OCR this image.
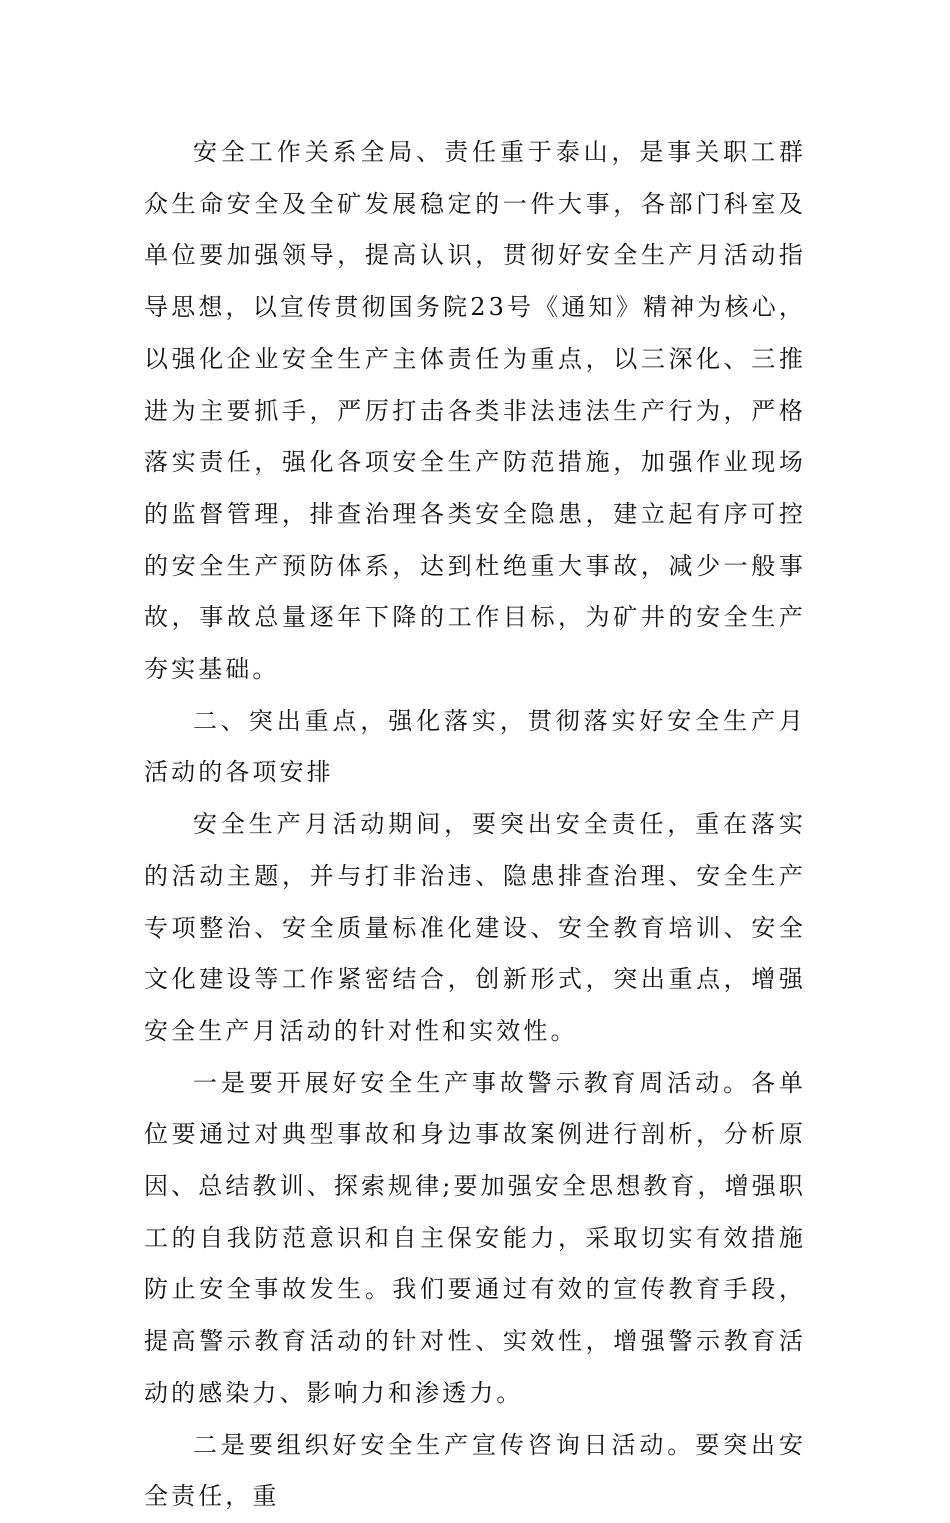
安全工作关系全局、责任重于泰山，是事关职工群众生命安全及全矿发展稳定的一件大事，各部门科室及单位要加强领导，提高认识，贯彻好安全生产月活动指导思想，以宣传贯彻国务院23号《通知》精神为核心，以强化企业安全生产主体责任为重点，以三深化、三推进为主要抓手，严厉打击各类非法违法生产行为，严格落实责任，强化各项安全生产防范措施，加强作业现场的监督管理，排查治理各类安全隐患，建立起有序可控的安全生产预防体系，达到杜绝重大事故，减少一般事故，事故总量逐年下降的工作目标，为矿井的安全生产夯实基础。

二、突出重点，强化落实，贯彻落实好安全生产月活动的各项安排

安全生产月活动期间，要突出安全责任，重在落实的活动主题，并与打非治违、隐患排查治理、安全生产专项整治、安全质量标准化建设、安全教育培训、安全文化建设等工作紧密结合，创新形式，突出重点，增强安全生产月活动的针对性和实效性。

一是要开展好安全生产事故警示教育周活动。各单位要通过对典型事故和身边事故案例进行剖析，分析原因、总结教训、探索规律;要加强安全思想教育，增强职工的自我防范意识和自主保安能力，采取切实有效措施防止安全事故发生。我们要通过有效的宣传教育手段，提高警示教育活动的针对性、实效性，增强警示教育活动的感染力、影响力和渗透力。

二是要组织好安全生产宣传咨询日活动。要突出安全责任，重
